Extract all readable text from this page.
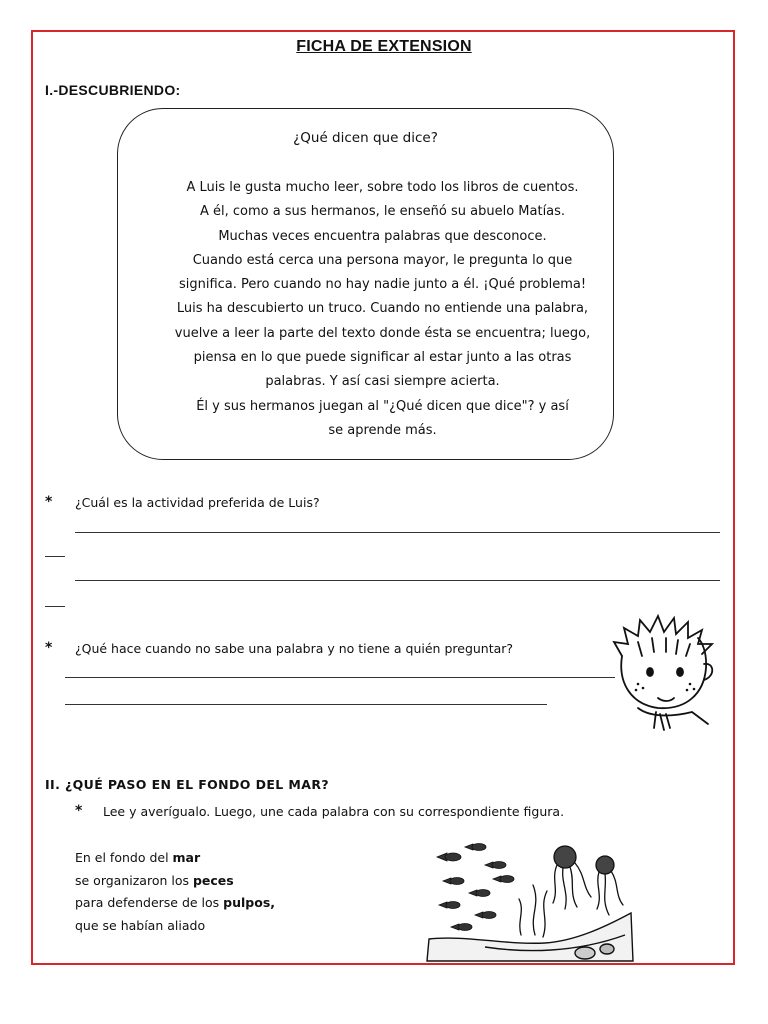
FICHA DE EXTENSION
I.-DESCUBRIENDO:
¿Qué dicen que dice?
A Luis le gusta mucho leer, sobre todo los libros de cuentos.
A él, como a sus hermanos, le enseñó su abuelo Matías.
Muchas veces encuentra palabras que desconoce.
Cuando está cerca una persona mayor, le pregunta lo que
significa. Pero cuando no hay nadie junto a él. ¡Qué problema!
Luis ha descubierto un truco. Cuando no entiende una palabra,
vuelve a leer la parte del texto donde ésta se encuentra; luego,
piensa en lo que puede significar al estar junto a las otras
palabras. Y así casi siempre acierta.
Él y sus hermanos juegan al "¿Qué dicen que dice"? y así
se aprende más.
* ¿Cuál es la actividad preferida de Luis?
* ¿Qué hace cuando no sabe una palabra y no tiene a quién preguntar?
II. ¿QUÉ PASO EN EL FONDO DEL MAR?
* Lee y averígualo. Luego, une cada palabra con su correspondiente figura.
En el fondo del mar
se organizaron los peces
para defenderse de los pulpos,
que se habían aliado
